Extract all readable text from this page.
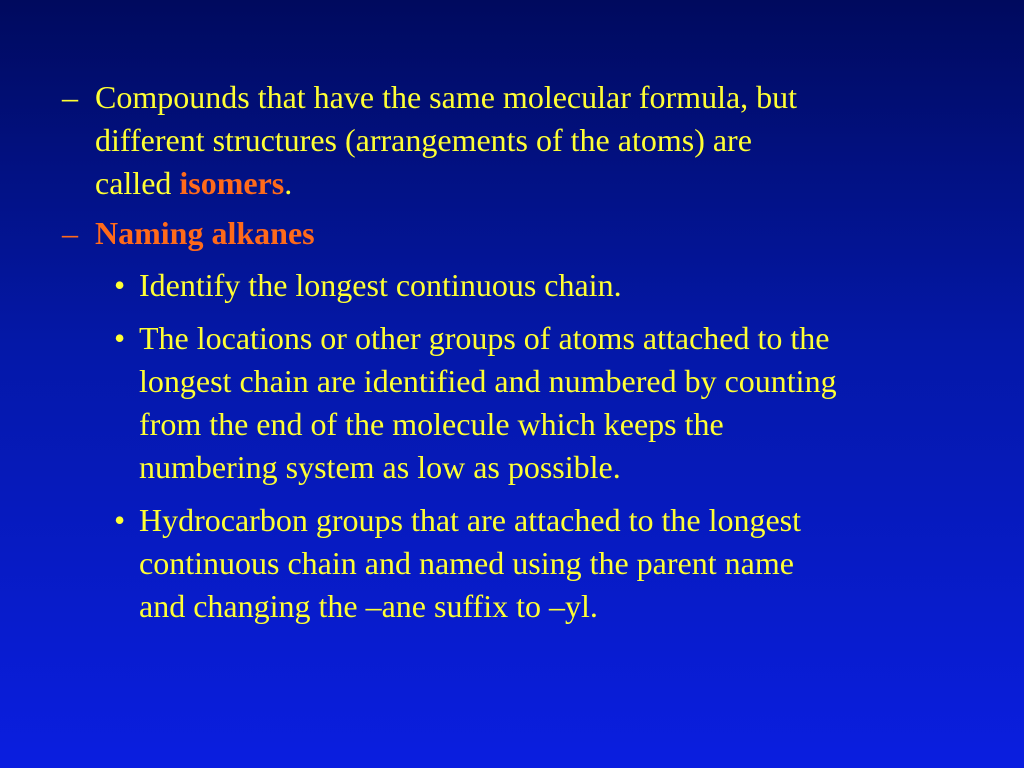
– Compounds that have the same molecular formula, but
different structures (arrangements of the atoms) are
called isomers.
– Naming alkanes
• Identify the longest continuous chain.
• The locations or other groups of atoms attached to the
longest chain are identified and numbered by counting
from the end of the molecule which keeps the
numbering system as low as possible.
• Hydrocarbon groups that are attached to the longest
continuous chain and named using the parent name
and changing the –ane suffix to –yl.
